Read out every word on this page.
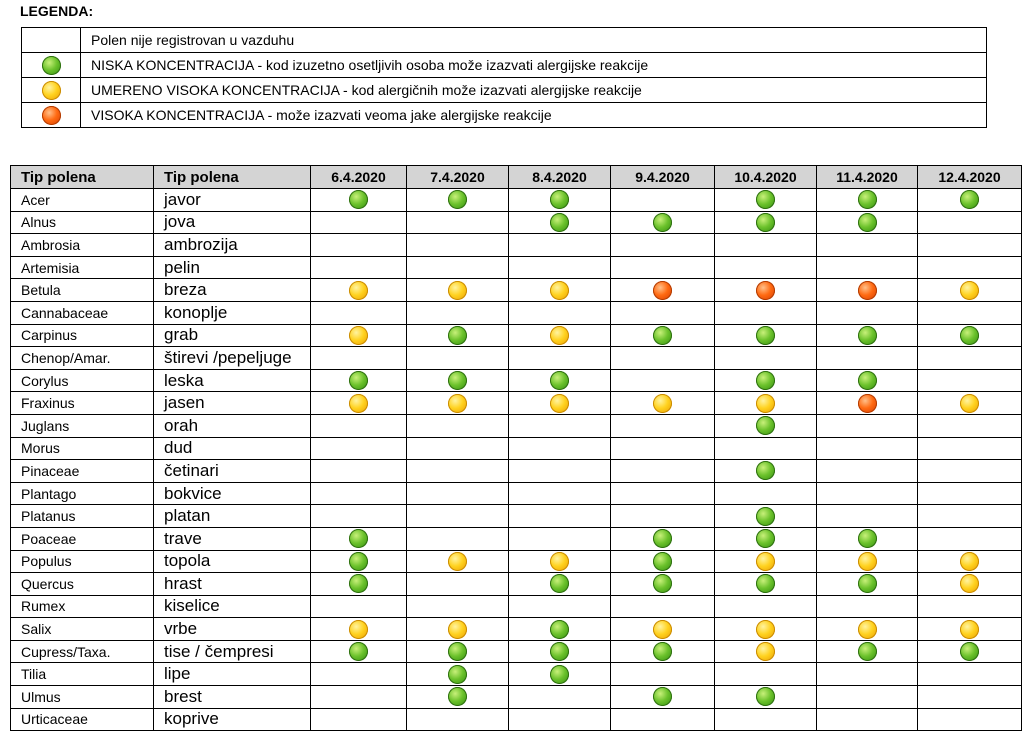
LEGENDA:
	Polen nije registrovan u vazduhu
	NISKA KONCENTRACIJA - kod izuzetno osetljivih osoba može izazvati alergijske reakcije
	UMERENO VISOKA KONCENTRACIJA - kod alergičnih može izazvati alergijske reakcije
	VISOKA KONCENTRACIJA - može izazvati veoma jake alergijske reakcije
Tip polena	Tip polena	6.4.2020	7.4.2020	8.4.2020	9.4.2020	10.4.2020	11.4.2020	12.4.2020
Acer	javor							
Alnus	jova							
Ambrosia	ambrozija							
Artemisia	pelin							
Betula	breza							
Cannabaceae	konoplje							
Carpinus	grab							
Chenop/Amar.	štirevi /pepeljuge							
Corylus	leska							
Fraxinus	jasen							
Juglans	orah							
Morus	dud							
Pinaceae	četinari							
Plantago	bokvice							
Platanus	platan							
Poaceae	trave							
Populus	topola							
Quercus	hrast							
Rumex	kiselice							
Salix	vrbe							
Cupress/Taxa.	tise / čempresi							
Tilia	lipe							
Ulmus	brest							
Urticaceae	koprive							
